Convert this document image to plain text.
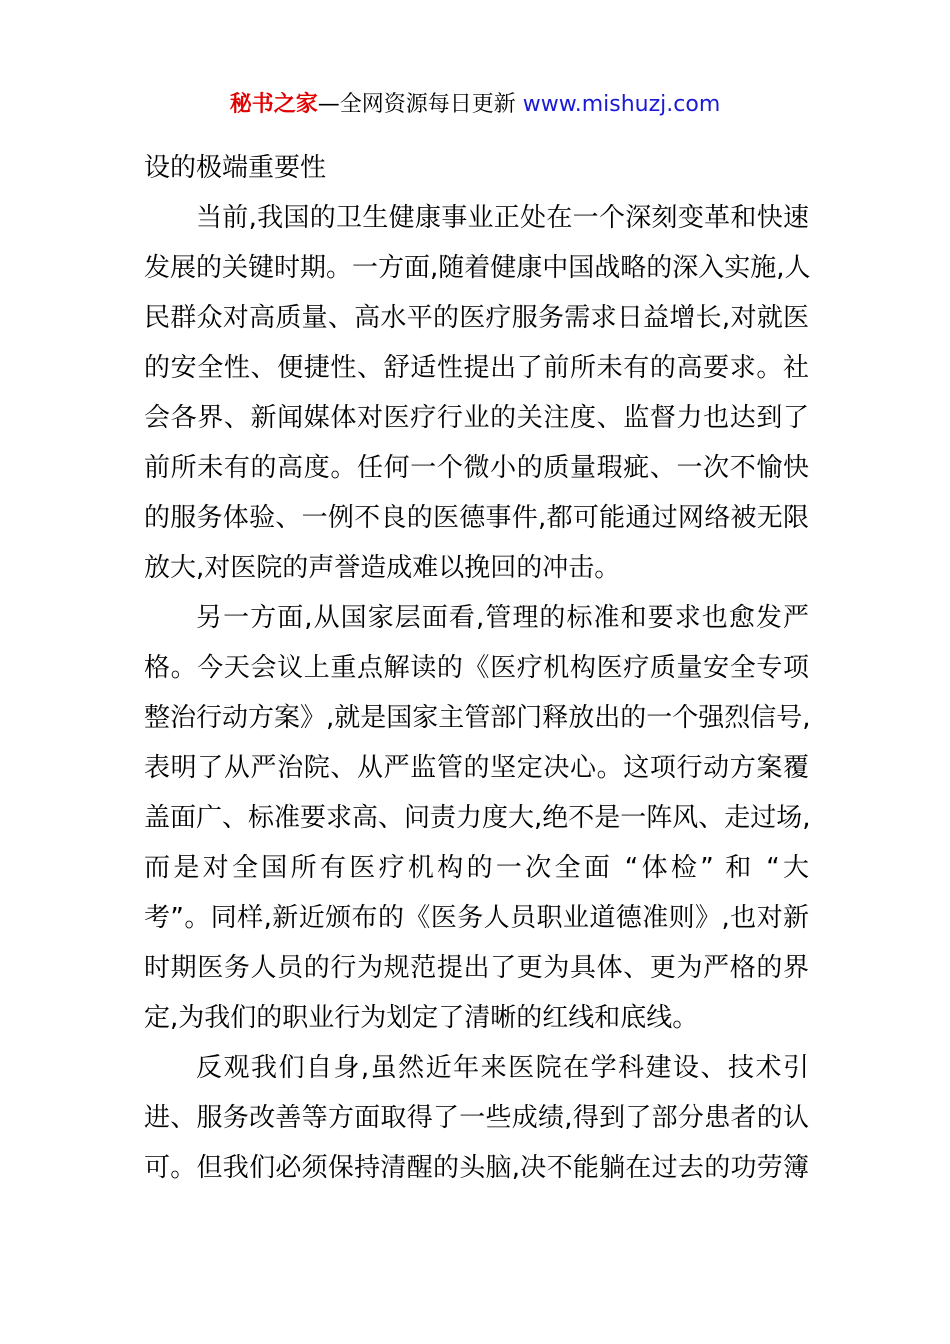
秘书之家—全网资源每日更新 www.mishuzj.com
设的极端重要性
当前,我国的卫生健康事业正处在一个深刻变革和快速
发展的关键时期。一方面,随着健康中国战略的深入实施,人
民群众对高质量、高水平的医疗服务需求日益增长,对就医
的安全性、便捷性、舒适性提出了前所未有的高要求。社
会各界、新闻媒体对医疗行业的关注度、监督力也达到了
前所未有的高度。任何一个微小的质量瑕疵、一次不愉快
的服务体验、一例不良的医德事件,都可能通过网络被无限
放大,对医院的声誉造成难以挽回的冲击。
另一方面,从国家层面看,管理的标准和要求也愈发严
格。今天会议上重点解读的《医疗机构医疗质量安全专项
整治行动方案》,就是国家主管部门释放出的一个强烈信号,
表明了从严治院、从严监管的坚定决心。这项行动方案覆
盖面广、标准要求高、问责力度大,绝不是一阵风、走过场,
而是对全国所有医疗机构的一次全面 “体检” 和 “大
考”。同样,新近颁布的《医务人员职业道德准则》,也对新
时期医务人员的行为规范提出了更为具体、更为严格的界
定,为我们的职业行为划定了清晰的红线和底线。
反观我们自身,虽然近年来医院在学科建设、技术引
进、服务改善等方面取得了一些成绩,得到了部分患者的认
可。但我们必须保持清醒的头脑,决不能躺在过去的功劳簿
